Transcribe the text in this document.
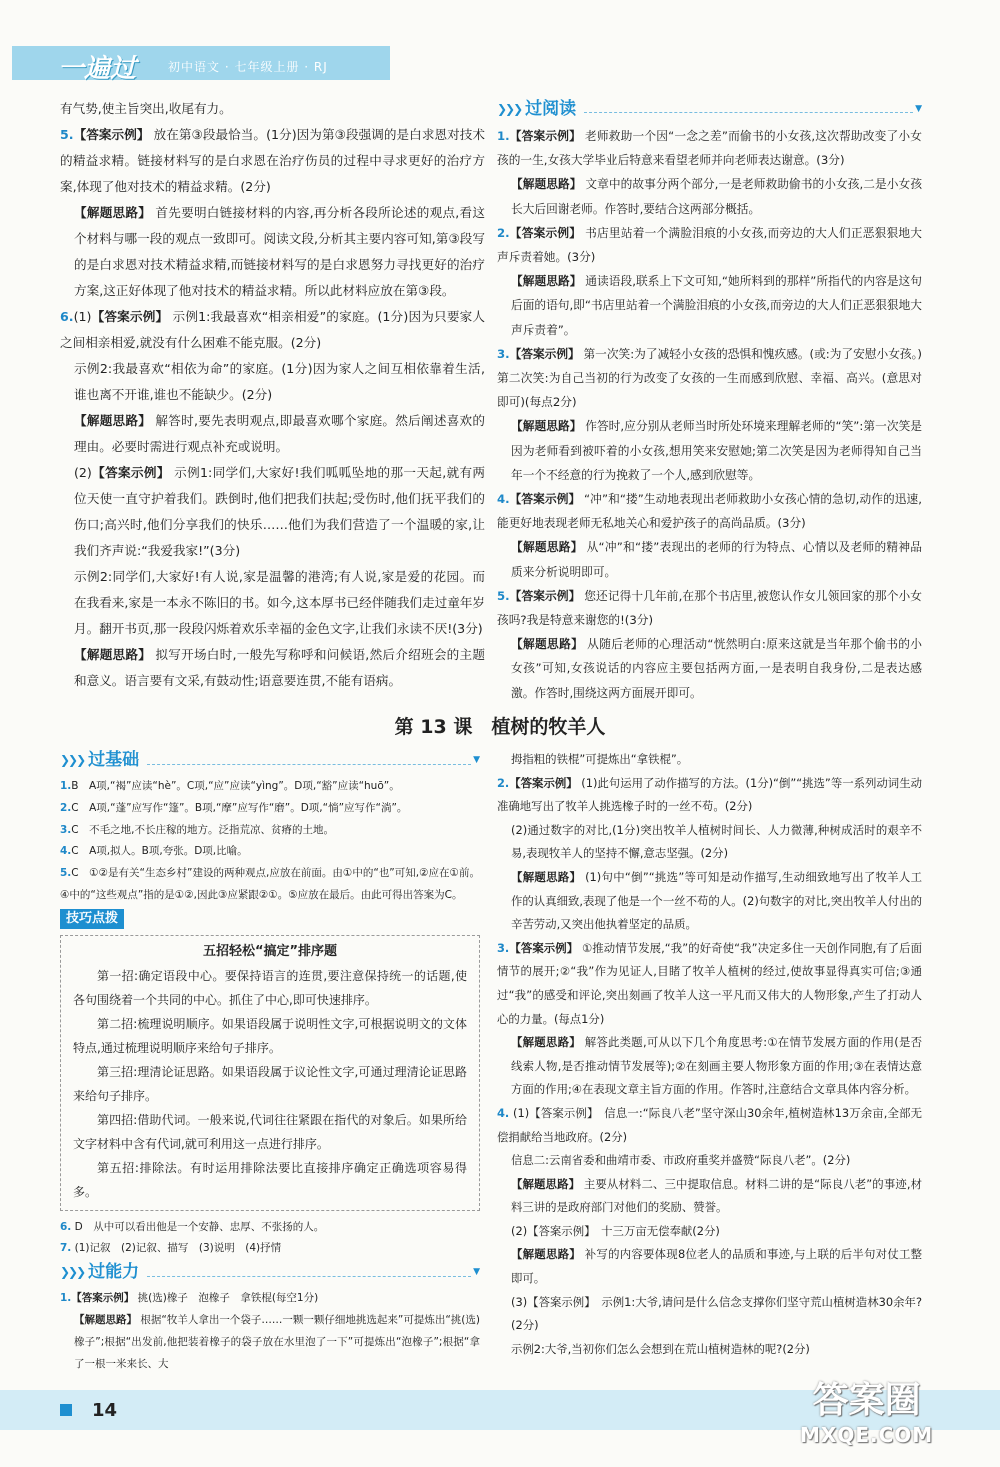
一遍过	初中语文 · 七年级上册 · RJ

有气势,使主旨突出,收尾有力。

5.【答案示例】 放在第③段最恰当。(1分)因为第③段强调的是白求恩对技术的精益求精。链接材料写的是白求恩在治疗伤员的过程中寻求更好的治疗方案,体现了他对技术的精益求精。(2分)

【解题思路】 首先要明白链接材料的内容,再分析各段所论述的观点,看这个材料与哪一段的观点一致即可。阅读文段,分析其主要内容可知,第③段写的是白求恩对技术精益求精,而链接材料写的是白求恩努力寻找更好的治疗方案,这正好体现了他对技术的精益求精。所以此材料应放在第③段。

6.(1)【答案示例】 示例1:我最喜欢“相亲相爱”的家庭。(1分)因为只要家人之间相亲相爱,就没有什么困难不能克服。(2分)

示例2:我最喜欢“相依为命”的家庭。(1分)因为家人之间互相依靠着生活,谁也离不开谁,谁也不能缺少。(2分)

【解题思路】 解答时,要先表明观点,即最喜欢哪个家庭。然后阐述喜欢的理由。必要时需进行观点补充或说明。

(2)【答案示例】 示例1:同学们,大家好!我们呱呱坠地的那一天起,就有两位天使一直守护着我们。跌倒时,他们把我们扶起;受伤时,他们抚平我们的伤口;高兴时,他们分享我们的快乐……他们为我们营造了一个温暖的家,让我们齐声说:“我爱我家!”(3分)

示例2:同学们,大家好!有人说,家是温馨的港湾;有人说,家是爱的花园。而在我看来,家是一本永不陈旧的书。如今,这本厚书已经伴随我们走过童年岁月。翻开书页,那一段段闪烁着欢乐幸福的金色文字,让我们永读不厌!(3分)

【解题思路】 拟写开场白时,一般先写称呼和问候语,然后介绍班会的主题和意义。语言要有文采,有鼓动性;语意要连贯,不能有语病。

❯❯❯ 过阅读	▼

1.【答案示例】 老师救助一个因“一念之差”而偷书的小女孩,这次帮助改变了小女孩的一生,女孩大学毕业后特意来看望老师并向老师表达谢意。(3分)

【解题思路】 文章中的故事分两个部分,一是老师救助偷书的小女孩,二是小女孩长大后回谢老师。作答时,要结合这两部分概括。

2.【答案示例】 书店里站着一个满脸泪痕的小女孩,而旁边的大人们正恶狠狠地大声斥责着她。(3分)

【解题思路】 通读语段,联系上下文可知,“她所料到的那样”所指代的内容是这句后面的语句,即“书店里站着一个满脸泪痕的小女孩,而旁边的大人们正恶狠狠地大声斥责着”。

3.【答案示例】 第一次笑:为了减轻小女孩的恐惧和愧疚感。(或:为了安慰小女孩。)第二次笑:为自己当初的行为改变了女孩的一生而感到欣慰、幸福、高兴。(意思对即可)(每点2分)

【解题思路】 作答时,应分别从老师当时所处环境来理解老师的“笑”:第一次笑是因为老师看到被吓着的小女孩,想用笑来安慰她;第二次笑是因为老师得知自己当年一个不经意的行为挽救了一个人,感到欣慰等。

4.【答案示例】 “冲”和“搂”生动地表现出老师救助小女孩心情的急切,动作的迅速,能更好地表现老师无私地关心和爱护孩子的高尚品质。(3分)

【解题思路】 从“冲”和“搂”表现出的老师的行为特点、心情以及老师的精神品质来分析说明即可。

5.【答案示例】 您还记得十几年前,在那个书店里,被您认作女儿领回家的那个小女孩吗?我是特意来谢您的!(3分)

【解题思路】 从随后老师的心理活动“恍然明白:原来这就是当年那个偷书的小女孩”可知,女孩说话的内容应主要包括两方面,一是表明自我身份,二是表达感激。作答时,围绕这两方面展开即可。

第 13 课　植树的牧羊人
❯❯❯ 过基础	▼

1.B　A项,“褐”应读“hè”。C项,“应”应读“yìng”。D项,“豁”应读“huō”。

2.C　A项,“蓬”应写作“篷”。B项,“摩”应写作“磨”。D项,“惝”应写作“淌”。

3.C　不毛之地,不长庄稼的地方。泛指荒凉、贫瘠的土地。

4.C　A项,拟人。B项,夸张。D项,比喻。

5.C　①②是有关“生态乡村”建设的两种观点,应放在前面。由①中的“也”可知,②应在①前。④中的“这些观点”指的是①②,因此③应紧跟②①。⑤应放在最后。由此可得出答案为C。

技巧点拨
五招轻松“搞定”排序题

第一招:确定语段中心。要保持语言的连贯,要注意保持统一的话题,使各句围绕着一个共同的中心。抓住了中心,即可快速排序。

第二招:梳理说明顺序。如果语段属于说明性文字,可根据说明文的文体特点,通过梳理说明顺序来给句子排序。

第三招:理清论证思路。如果语段属于议论性文字,可通过理清论证思路来给句子排序。

第四招:借助代词。一般来说,代词往往紧跟在指代的对象后。如果所给文字材料中含有代词,就可利用这一点进行排序。

第五招:排除法。有时运用排除法要比直接排序确定正确选项容易得多。

6. D　从中可以看出他是一个安静、忠厚、不张扬的人。

7. (1)记叙　(2)记叙、描写　(3)说明　(4)抒情

❯❯❯ 过能力	▼

1.【答案示例】 挑(选)橡子　泡橡子　拿铁棍(每空1分)

【解题思路】 根据“牧羊人拿出一个袋子……一颗一颗仔细地挑选起来”可提炼出“挑(选)橡子”;根据“出发前,他把装着橡子的袋子放在水里泡了一下”可提炼出“泡橡子”;根据“拿了一根一米来长、大

拇指粗的铁棍”可提炼出“拿铁棍”。

2.【答案示例】 (1)此句运用了动作描写的方法。(1分)“倒”“挑选”等一系列动词生动准确地写出了牧羊人挑选橡子时的一丝不苟。(2分)

(2)通过数字的对比,(1分)突出牧羊人植树时间长、人力微薄,种树成活时的艰辛不易,表现牧羊人的坚持不懈,意志坚强。(2分)

【解题思路】 (1)句中“倒”“挑选”等可知是动作描写,生动细致地写出了牧羊人工作的认真细致,表现了他是一个一丝不苟的人。(2)句数字的对比,突出牧羊人付出的辛苦劳动,又突出他执着坚定的品质。

3.【答案示例】 ①推动情节发展,“我”的好奇使“我”决定多住一天创作同胞,有了后面情节的展开;②“我”作为见证人,目睹了牧羊人植树的经过,使故事显得真实可信;③通过“我”的感受和评论,突出刻画了牧羊人这一平凡而又伟大的人物形象,产生了打动人心的力量。(每点1分)

【解题思路】 解答此类题,可从以下几个角度思考:①在情节发展方面的作用(是否线索人物,是否推动情节发展等);②在刻画主要人物形象方面的作用;③在表情达意方面的作用;④在表现文章主旨方面的作用。作答时,注意结合文章具体内容分析。

4. (1)【答案示例】　信息一:“际良八老”坚守深山30余年,植树造林13万余亩,全部无偿捐献给当地政府。(2分)

信息二:云南省委和曲靖市委、市政府重奖并盛赞“际良八老”。(2分)

【解题思路】 主要从材料二、三中提取信息。材料二讲的是“际良八老”的事迹,材料三讲的是政府部门对他们的奖励、赞誉。

(2)【答案示例】　十三万亩无偿奉献(2分)

【解题思路】 补写的内容要体现8位老人的品质和事迹,与上联的后半句对仗工整即可。

(3)【答案示例】　示例1:大爷,请问是什么信念支撑你们坚守荒山植树造林30余年?(2分)

示例2:大爷,当初你们怎么会想到在荒山植树造林的呢?(2分)

14	答案圈
MXQE.COM
